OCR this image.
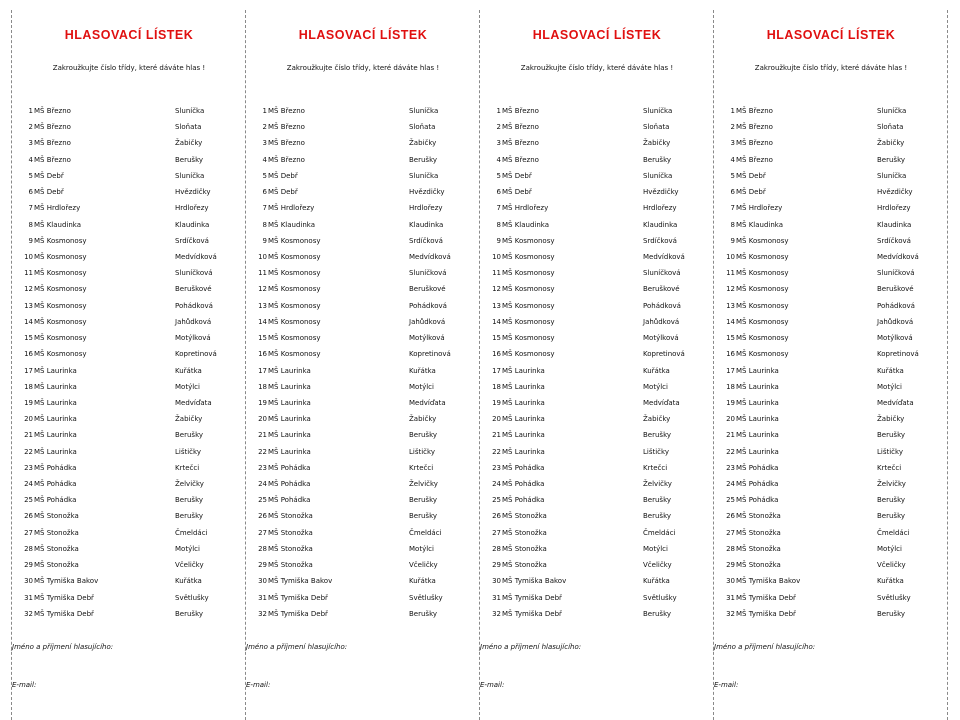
HLASOVACÍ LÍSTEK
Zakroužkujte číslo třídy, které dáváte hlas !
1 MŠ Březno	Sluníčka
2 MŠ Březno	Sloňata
3 MŠ Březno	Žabičky
4 MŠ Březno	Berušky
5 MŠ Debř	Sluníčka
6 MŠ Debř	Hvězdičky
7 MŠ Hrdlořezy	Hrdlořezy
8 MŠ Klaudinka	Klaudinka
9 MŠ Kosmonosy	Srdíčková
10 MŠ Kosmonosy	Medvídková
11 MŠ Kosmonosy	Sluníčková
12 MŠ Kosmonosy	Beruškové
13 MŠ Kosmonosy	Pohádková
14 MŠ Kosmonosy	Jahůdková
15 MŠ Kosmonosy	Motýlková
16 MŠ Kosmonosy	Kopretinová
17 MŠ Laurinka	Kuřátka
18 MŠ Laurinka	Motýlci
19 MŠ Laurinka	Medvíďata
20 MŠ Laurinka	Žabičky
21 MŠ Laurinka	Berušky
22 MŠ Laurinka	Lištičky
23 MŠ Pohádka	Krtečci
24 MŠ Pohádka	Želvičky
25 MŠ Pohádka	Berušky
26 MŠ Stonožka	Berušky
27 MŠ Stonožka	Čmeldáci
28 MŠ Stonožka	Motýlci
29 MŠ Stonožka	Včeličky
30 MŠ Tymiška Bakov	Kuřátka
31 MŠ Tymiška Debř	Světlušky
32 MŠ Tymiška Debř	Berušky
Jméno a příjmení hlasujícího:
E-mail:
HLASOVACÍ LÍSTEK
Zakroužkujte číslo třídy, které dáváte hlas !
1 MŠ Březno	Sluníčka
2 MŠ Březno	Sloňata
3 MŠ Březno	Žabičky
4 MŠ Březno	Berušky
5 MŠ Debř	Sluníčka
6 MŠ Debř	Hvězdičky
7 MŠ Hrdlořezy	Hrdlořezy
8 MŠ Klaudinka	Klaudinka
9 MŠ Kosmonosy	Srdíčková
10 MŠ Kosmonosy	Medvídková
11 MŠ Kosmonosy	Sluníčková
12 MŠ Kosmonosy	Beruškové
13 MŠ Kosmonosy	Pohádková
14 MŠ Kosmonosy	Jahůdková
15 MŠ Kosmonosy	Motýlková
16 MŠ Kosmonosy	Kopretinová
17 MŠ Laurinka	Kuřátka
18 MŠ Laurinka	Motýlci
19 MŠ Laurinka	Medvíďata
20 MŠ Laurinka	Žabičky
21 MŠ Laurinka	Berušky
22 MŠ Laurinka	Lištičky
23 MŠ Pohádka	Krtečci
24 MŠ Pohádka	Želvičky
25 MŠ Pohádka	Berušky
26 MŠ Stonožka	Berušky
27 MŠ Stonožka	Čmeldáci
28 MŠ Stonožka	Motýlci
29 MŠ Stonožka	Včeličky
30 MŠ Tymiška Bakov	Kuřátka
31 MŠ Tymiška Debř	Světlušky
32 MŠ Tymiška Debř	Berušky
Jméno a příjmení hlasujícího:
E-mail:
HLASOVACÍ LÍSTEK
Zakroužkujte číslo třídy, které dáváte hlas !
1 MŠ Březno	Sluníčka
2 MŠ Březno	Sloňata
3 MŠ Březno	Žabičky
4 MŠ Březno	Berušky
5 MŠ Debř	Sluníčka
6 MŠ Debř	Hvězdičky
7 MŠ Hrdlořezy	Hrdlořezy
8 MŠ Klaudinka	Klaudinka
9 MŠ Kosmonosy	Srdíčková
10 MŠ Kosmonosy	Medvídková
11 MŠ Kosmonosy	Sluníčková
12 MŠ Kosmonosy	Beruškové
13 MŠ Kosmonosy	Pohádková
14 MŠ Kosmonosy	Jahůdková
15 MŠ Kosmonosy	Motýlková
16 MŠ Kosmonosy	Kopretinová
17 MŠ Laurinka	Kuřátka
18 MŠ Laurinka	Motýlci
19 MŠ Laurinka	Medvíďata
20 MŠ Laurinka	Žabičky
21 MŠ Laurinka	Berušky
22 MŠ Laurinka	Lištičky
23 MŠ Pohádka	Krtečci
24 MŠ Pohádka	Želvičky
25 MŠ Pohádka	Berušky
26 MŠ Stonožka	Berušky
27 MŠ Stonožka	Čmeldáci
28 MŠ Stonožka	Motýlci
29 MŠ Stonožka	Včeličky
30 MŠ Tymiška Bakov	Kuřátka
31 MŠ Tymiška Debř	Světlušky
32 MŠ Tymiška Debř	Berušky
Jméno a příjmení hlasujícího:
E-mail:
HLASOVACÍ LÍSTEK
Zakroužkujte číslo třídy, které dáváte hlas !
1 MŠ Březno	Sluníčka
2 MŠ Březno	Sloňata
3 MŠ Březno	Žabičky
4 MŠ Březno	Berušky
5 MŠ Debř	Sluníčka
6 MŠ Debř	Hvězdičky
7 MŠ Hrdlořezy	Hrdlořezy
8 MŠ Klaudinka	Klaudinka
9 MŠ Kosmonosy	Srdíčková
10 MŠ Kosmonosy	Medvídková
11 MŠ Kosmonosy	Sluníčková
12 MŠ Kosmonosy	Beruškové
13 MŠ Kosmonosy	Pohádková
14 MŠ Kosmonosy	Jahůdková
15 MŠ Kosmonosy	Motýlková
16 MŠ Kosmonosy	Kopretinová
17 MŠ Laurinka	Kuřátka
18 MŠ Laurinka	Motýlci
19 MŠ Laurinka	Medvíďata
20 MŠ Laurinka	Žabičky
21 MŠ Laurinka	Berušky
22 MŠ Laurinka	Lištičky
23 MŠ Pohádka	Krtečci
24 MŠ Pohádka	Želvičky
25 MŠ Pohádka	Berušky
26 MŠ Stonožka	Berušky
27 MŠ Stonožka	Čmeldáci
28 MŠ Stonožka	Motýlci
29 MŠ Stonožka	Včeličky
30 MŠ Tymiška Bakov	Kuřátka
31 MŠ Tymiška Debř	Světlušky
32 MŠ Tymiška Debř	Berušky
Jméno a příjmení hlasujícího:
E-mail:
